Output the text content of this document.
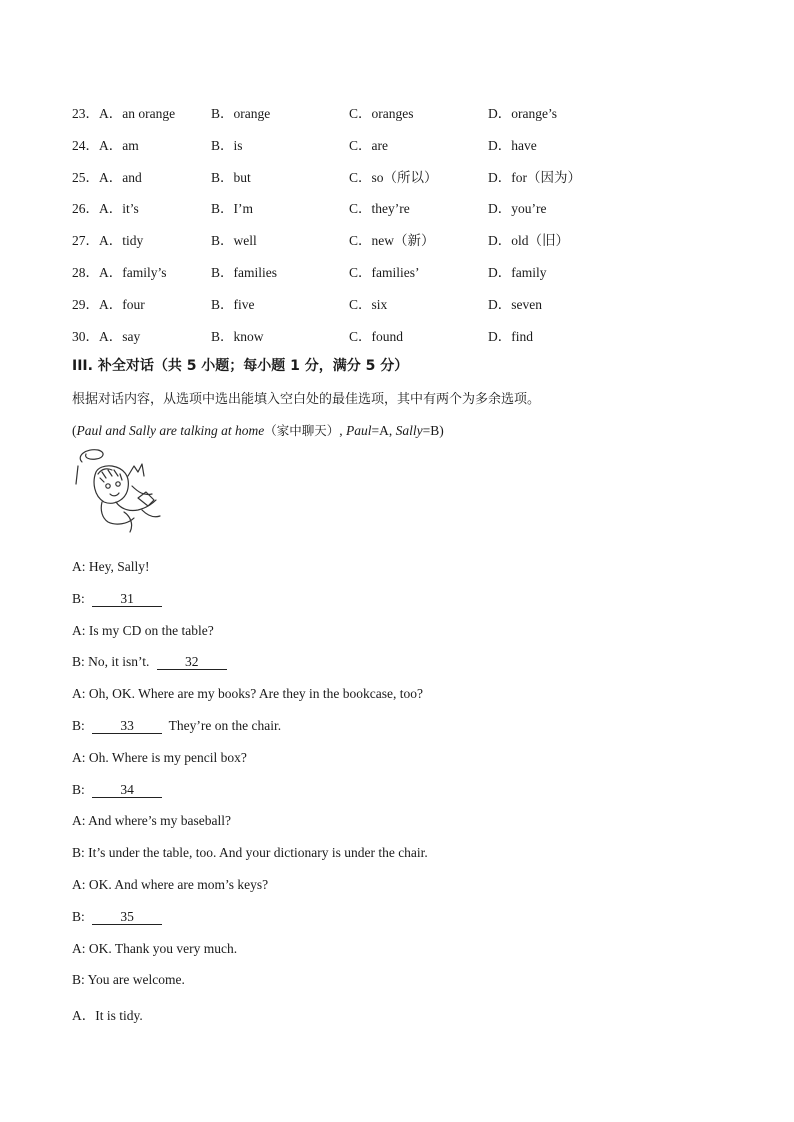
23．A．an orange	B．orange	C．oranges	D．orange’s
24．A．am	B．is	C．are	D．have
25．A．and	B．but	C．so（所以）	D．for（因为）
26．A．it’s	B．I’m	C．they’re	D．you’re
27．A．tidy	B．well	C．new（新）	D．old（旧）
28．A．family’s	B．families	C．families’	D．family
29．A．four	B．five	C．six	D．seven
30．A．say	B．know	C．found	D．find
III. 补全对话（共 5 小题；每小题 1 分，满分 5 分）
根据对话内容，从选项中选出能填入空白处的最佳选项，其中有两个为多余选项。
(Paul and Sally are talking at home（家中聊天）, Paul=A, Sally=B)
A: Hey, Sally!
B:	31
A: Is my CD on the table?
B: No, it isn’t.	32
A: Oh, OK. Where are my books? Are they in the bookcase, too?
B:	33	They’re on the chair.
A: Oh. Where is my pencil box?
B:	34
A: And where’s my baseball?
B: It’s under the table, too. And your dictionary is under the chair.
A: OK. And where are mom’s keys?
B:	35
A: OK. Thank you very much.
B: You are welcome.
A．It is tidy.
